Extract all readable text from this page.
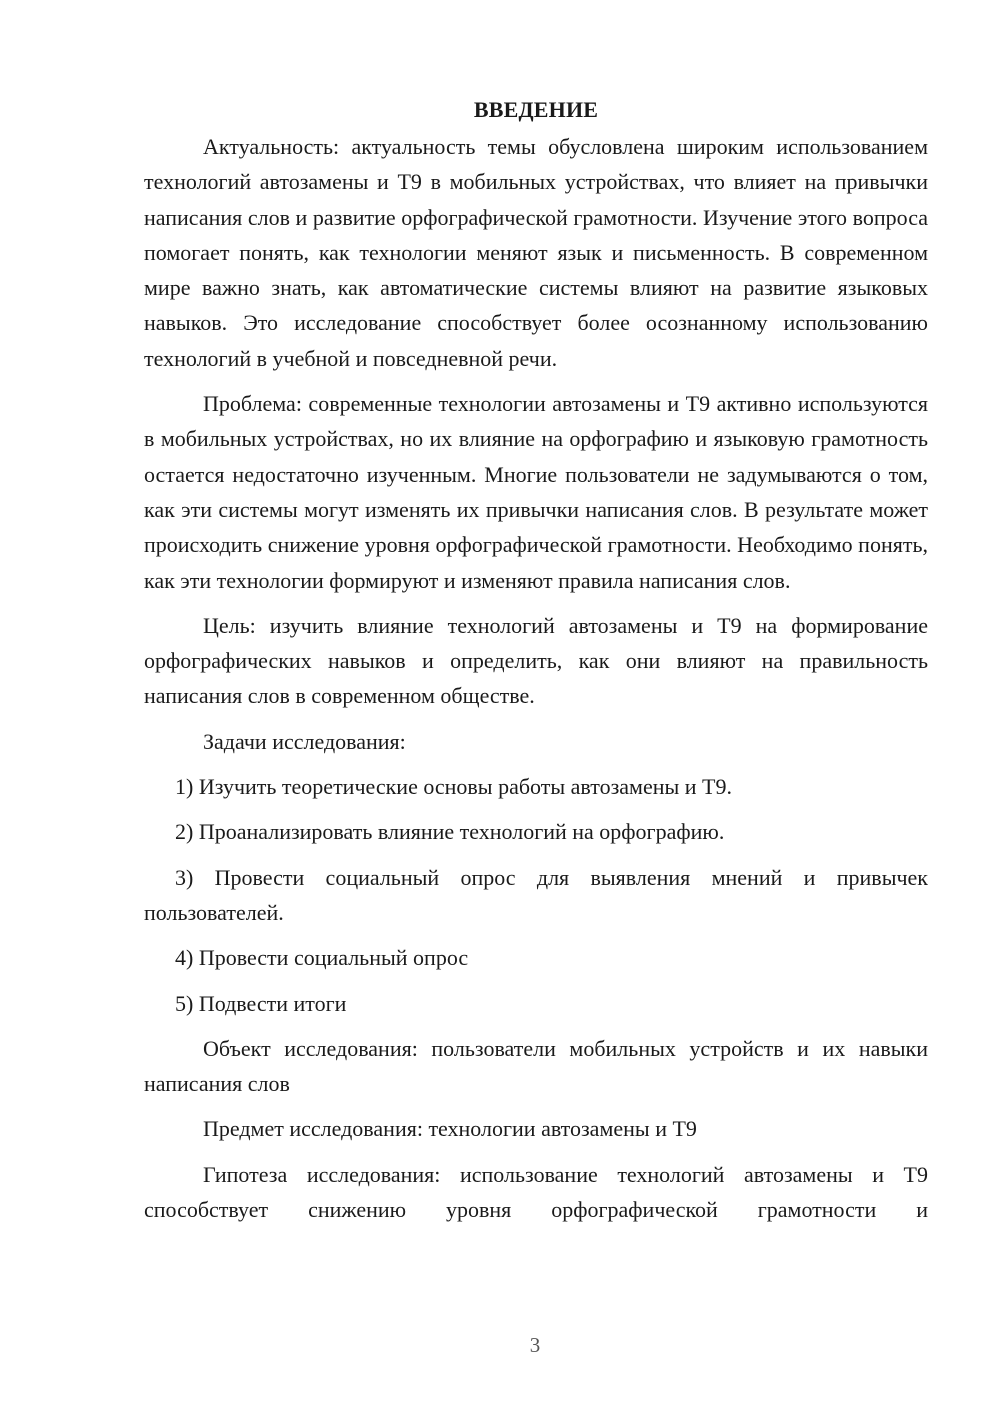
ВВЕДЕНИЕ

Актуальность: актуальность темы обусловлена широким использованием технологий автозамены и Т9 в мобильных устройствах, что влияет на привычки написания слов и развитие орфографической грамотности. Изучение этого вопроса помогает понять, как технологии меняют язык и письменность. В современном мире важно знать, как автоматические системы влияют на развитие языковых навыков. Это исследование способствует более осознанному использованию технологий в учебной и повседневной речи.

Проблема: современные технологии автозамены и Т9 активно используются в мобильных устройствах, но их влияние на орфографию и языковую грамотность остается недостаточно изученным. Многие пользователи не задумываются о том, как эти системы могут изменять их привычки написания слов. В результате может происходить снижение уровня орфографической грамотности. Необходимо понять, как эти технологии формируют и изменяют правила написания слов.

Цель: изучить влияние технологий автозамены и Т9 на формирование орфографических навыков и определить, как они влияют на правильность написания слов в современном обществе.

Задачи исследования:

1) Изучить теоретические основы работы автозамены и Т9.

2) Проанализировать влияние технологий на орфографию.

3) Провести социальный опрос для выявления мнений и привычек пользователей.

4) Провести социальный опрос

5) Подвести итоги

Объект исследования: пользователи мобильных устройств и их навыки написания слов

Предмет исследования: технологии автозамены и Т9

Гипотеза исследования: использование технологий автозамены и Т9 способствует снижению уровня орфографической грамотности и

3
